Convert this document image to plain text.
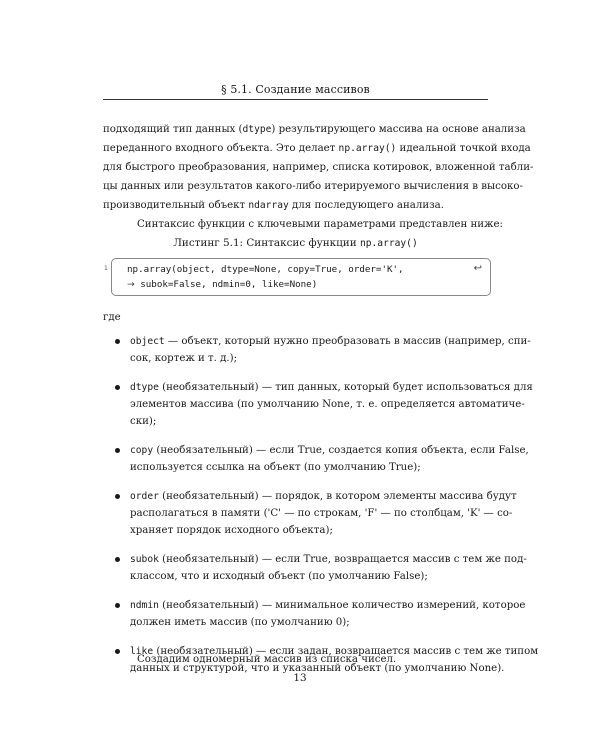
§ 5.1. Создание массивов

подходящий тип данных (dtype) результирующего массива на основе анализа
переданного входного объекта. Это делает np.array() идеальной точкой входа
для быстрого преобразования, например, списка котировок, вложенной табли-
цы данных или результатов какого-либо итерируемого вычисления в высоко-
производительный объект ndarray для последующего анализа.

Синтаксис функции с ключевыми параметрами представлен ниже:

Листинг 5.1: Синтаксис функции np.array()
1 np.array(object, dtype=None, copy=True, order='K',	↩
→ subok=False, ndmin=0, like=None)
где
object — объект, который нужно преобразовать в массив (например, спи-
сок, кортеж и т. д.);
dtype (необязательный) — тип данных, который будет использоваться для
элементов массива (по умолчанию None, т. е. определяется автоматиче-
ски);
copy (необязательный) — если True, создается копия объекта, если False,
используется ссылка на объект (по умолчанию True);
order (необязательный) — порядок, в котором элементы массива будут
располагаться в памяти ('C' — по строкам, 'F' — по столбцам, 'K' — со-
храняет порядок исходного объекта);
subok (необязательный) — если True, возвращается массив с тем же под-
классом, что и исходный объект (по умолчанию False);
ndmin (необязательный) — минимальное количество измерений, которое
должен иметь массив (по умолчанию 0);
like (необязательный) — если задан, возвращается массив с тем же типом
данных и структурой, что и указанный объект (по умолчанию None).
Создадим одномерный массив из списка чисел.
13
